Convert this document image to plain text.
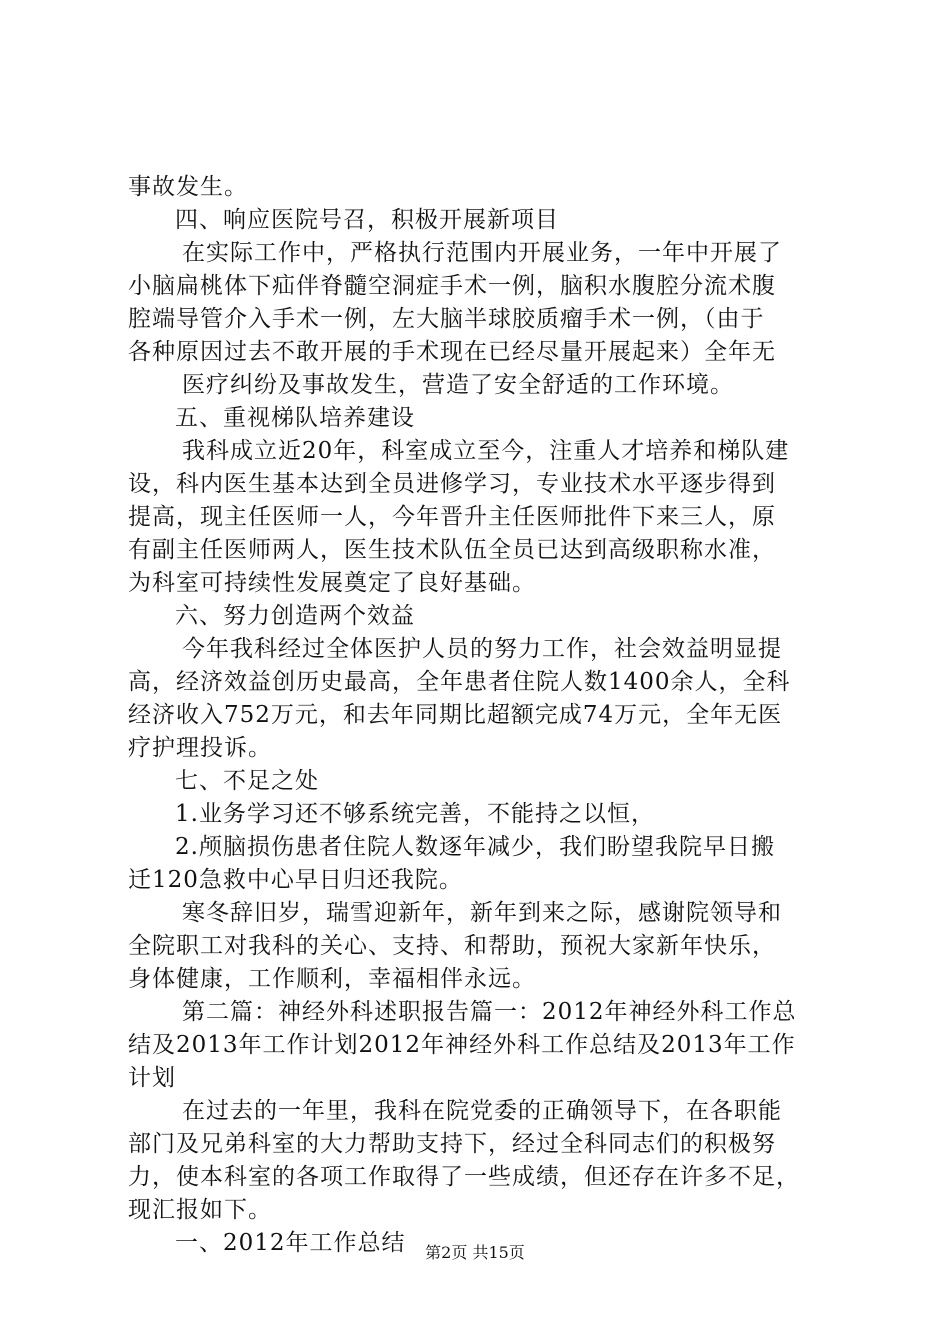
事故发生。
四、响应医院号召，积极开展新项目
在实际工作中，严格执行范围内开展业务，一年中开展了
小脑扁桃体下疝伴脊髓空洞症手术一例，脑积水腹腔分流术腹
腔端导管介入手术一例，左大脑半球胶质瘤手术一例，（由于
各种原因过去不敢开展的手术现在已经尽量开展起来）全年无
医疗纠纷及事故发生，营造了安全舒适的工作环境。
五、重视梯队培养建设
我科成立近20年，科室成立至今，注重人才培养和梯队建
设，科内医生基本达到全员进修学习，专业技术水平逐步得到
提高，现主任医师一人，今年晋升主任医师批件下来三人，原
有副主任医师两人，医生技术队伍全员已达到高级职称水准，
为科室可持续性发展奠定了良好基础。
六、努力创造两个效益
今年我科经过全体医护人员的努力工作，社会效益明显提
高，经济效益创历史最高，全年患者住院人数1400余人，全科
经济收入752万元，和去年同期比超额完成74万元，全年无医
疗护理投诉。
七、不足之处
1.业务学习还不够系统完善，不能持之以恒，
2.颅脑损伤患者住院人数逐年减少，我们盼望我院早日搬
迁120急救中心早日归还我院。
寒冬辞旧岁，瑞雪迎新年，新年到来之际，感谢院领导和
全院职工对我科的关心、支持、和帮助，预祝大家新年快乐，
身体健康，工作顺利，幸福相伴永远。
第二篇：神经外科述职报告篇一：2012年神经外科工作总
结及2013年工作计划2012年神经外科工作总结及2013年工作
计划
在过去的一年里，我科在院党委的正确领导下，在各职能
部门及兄弟科室的大力帮助支持下，经过全科同志们的积极努
力，使本科室的各项工作取得了一些成绩，但还存在许多不足，
现汇报如下。
一、2012年工作总结	第2页 共15页
